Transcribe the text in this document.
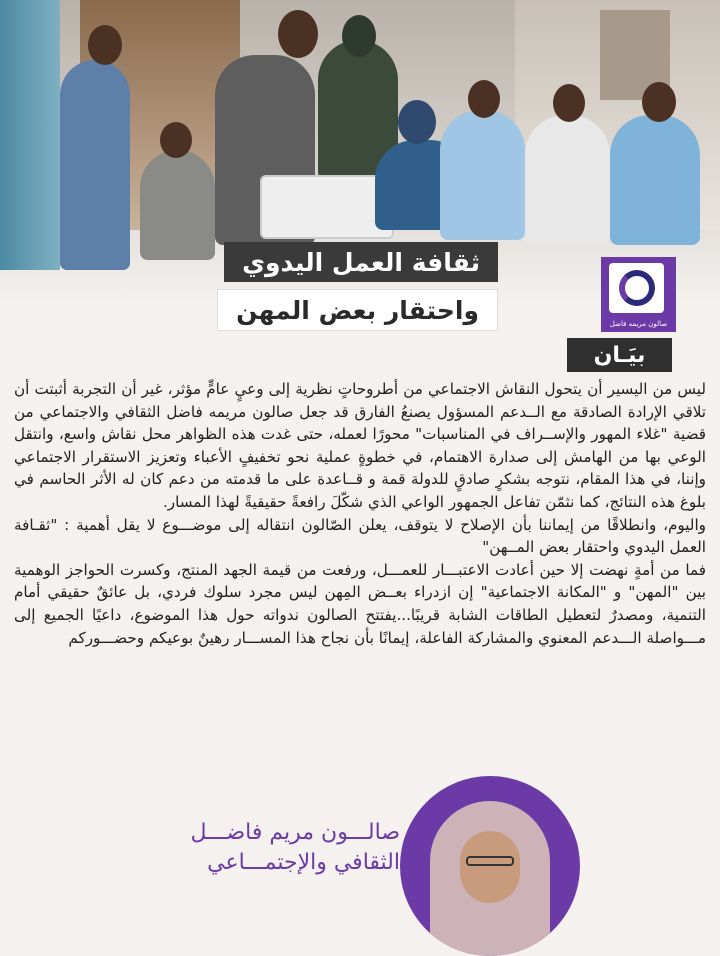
ثقافة العمل اليدوي
واحتقار بعض المهن	صالون مريمه فاضل
بيَـان

ليس من اليسير أن يتحول النقاش الاجتماعي من أطروحاتٍ نظرية إلى وعيٍ عامٍّ مؤثر، غير أن التجربة أثبتت أن تلاقي الإرادة الصادقة مع الــدعم المسؤول يصنعُ الفارق قد جعل صالون مريمه فاضل الثقافي والاجتماعي من قضية "غلاء المهور والإســراف في المناسبات" محورًا لعمله، حتى غدت هذه الظواهر محل نقاش واسع، وانتقل الوعي بها من الهامش إلى صدارة الاهتمام، في خطوةٍ عملية نحو تخفيفٍ الأعباء وتعزيز الاستقرار الاجتماعي وإننا، في هذا المقام، نتوجه بشكرٍ صادقٍ للدولة قمة و قــاعدة على ما قدمته من دعم كان له الأثر الحاسم في بلوغ هذه النتائج، كما نثمّن تفاعل الجمهور الواعي الذي شكّلَ رافعةً حقيقيةً لهذا المسار.

واليوم، وانطلاقًا من إيماننا بأن الإصلاح لا يتوقف، يعلن الصّالون انتقاله إلى موضـــوع لا يقل أهمية : "ثقـافة العمل اليدوي واحتقار بعض المــهن"

فما من أمةٍ نهضت إلا حين أعادت الاعتبـــار للعمـــل، ورفعت من قيمة الجهد المنتج، وكسرت الحواجز الوهمية بين "المهن" و "المكانة الاجتماعية" إن ازدراء بعــض المِهن ليس مجرد سلوك فردي، بل عائقٌ حقيقي أمام التنمية، ومصدرٌ لتعطيل الطاقات الشابة قريبًا...يفتتح الصالون ندواته حول هذا الموضوع، داعيًا الجميع إلى مـــواصلة الـــدعم المعنوي والمشاركة الفاعلة، إيمانًا بأن نجاح هذا المســـار رهينٌ بوعيكم وحضـــوركم

صالـــون مريم فاضـــل
الثقافي والإجتمـــاعي
